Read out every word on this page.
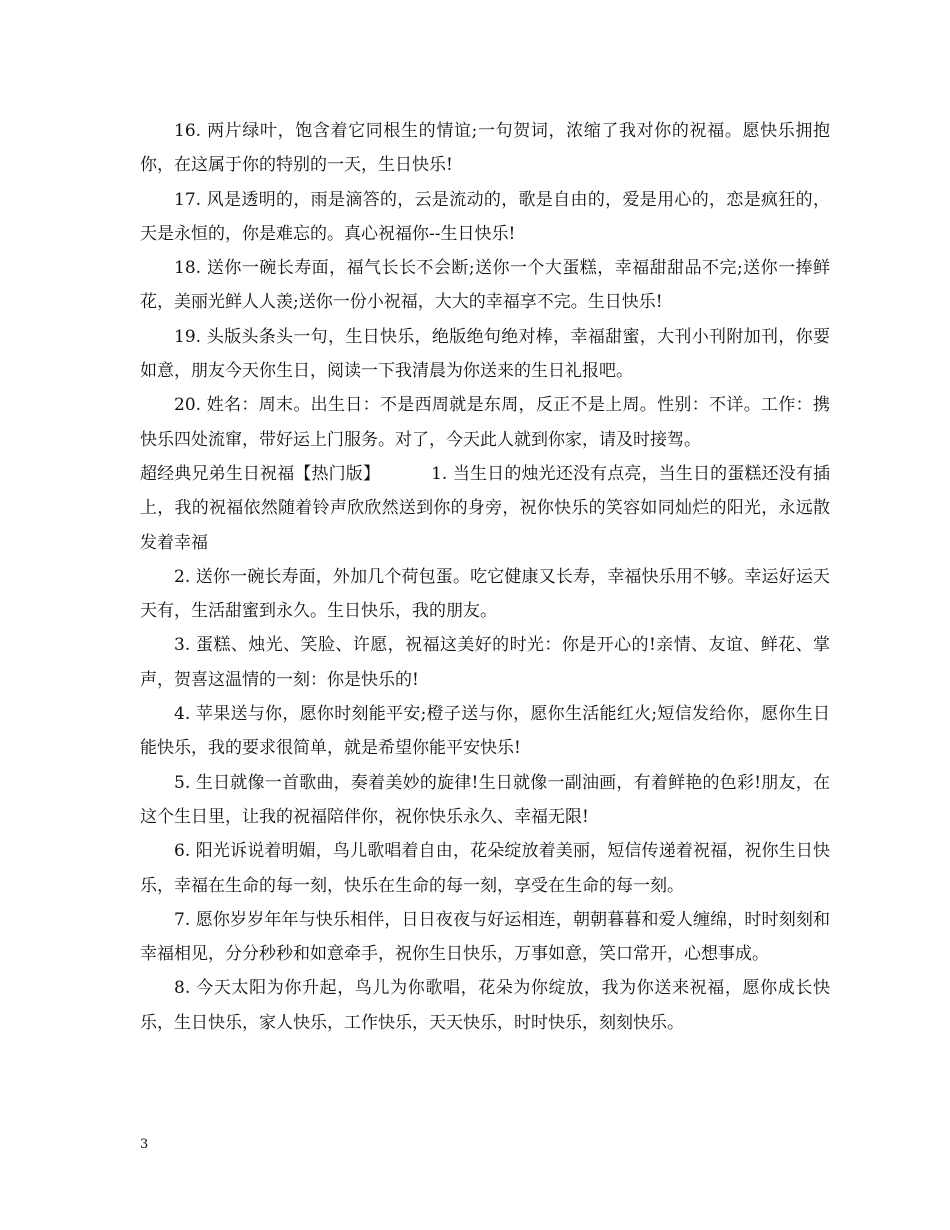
16. 两片绿叶，饱含着它同根生的情谊;一句贺词，浓缩了我对你的祝福。愿快乐拥抱你，在这属于你的特别的一天，生日快乐!

17. 风是透明的，雨是滴答的，云是流动的，歌是自由的，爱是用心的，恋是疯狂的，天是永恒的，你是难忘的。真心祝福你--生日快乐!

18. 送你一碗长寿面，福气长长不会断;送你一个大蛋糕，幸福甜甜品不完;送你一捧鲜花，美丽光鲜人人羡;送你一份小祝福，大大的幸福享不完。生日快乐!

19. 头版头条头一句，生日快乐，绝版绝句绝对棒，幸福甜蜜，大刊小刊附加刊，你要如意，朋友今天你生日，阅读一下我清晨为你送来的生日礼报吧。

20. 姓名：周末。出生日：不是西周就是东周，反正不是上周。性别：不详。工作：携快乐四处流窜，带好运上门服务。对了，今天此人就到你家，请及时接驾。

超经典兄弟生日祝福【热门版】	1. 当生日的烛光还没有点亮，当生日的蛋糕还没有插上，我的祝福依然随着铃声欣欣然送到你的身旁，祝你快乐的笑容如同灿烂的阳光，永远散发着幸福

2. 送你一碗长寿面，外加几个荷包蛋。吃它健康又长寿，幸福快乐用不够。幸运好运天天有，生活甜蜜到永久。生日快乐，我的朋友。

3. 蛋糕、烛光、笑脸、许愿，祝福这美好的时光：你是开心的!亲情、友谊、鲜花、掌声，贺喜这温情的一刻：你是快乐的!

4. 苹果送与你，愿你时刻能平安;橙子送与你，愿你生活能红火;短信发给你，愿你生日能快乐，我的要求很简单，就是希望你能平安快乐!

5. 生日就像一首歌曲，奏着美妙的旋律!生日就像一副油画，有着鲜艳的色彩!朋友，在这个生日里，让我的祝福陪伴你，祝你快乐永久、幸福无限!

6. 阳光诉说着明媚，鸟儿歌唱着自由，花朵绽放着美丽，短信传递着祝福，祝你生日快乐，幸福在生命的每一刻，快乐在生命的每一刻，享受在生命的每一刻。

7. 愿你岁岁年年与快乐相伴，日日夜夜与好运相连，朝朝暮暮和爱人缠绵，时时刻刻和幸福相见，分分秒秒和如意牵手，祝你生日快乐，万事如意，笑口常开，心想事成。

8. 今天太阳为你升起，鸟儿为你歌唱，花朵为你绽放，我为你送来祝福，愿你成长快乐，生日快乐，家人快乐，工作快乐，天天快乐，时时快乐，刻刻快乐。

3
